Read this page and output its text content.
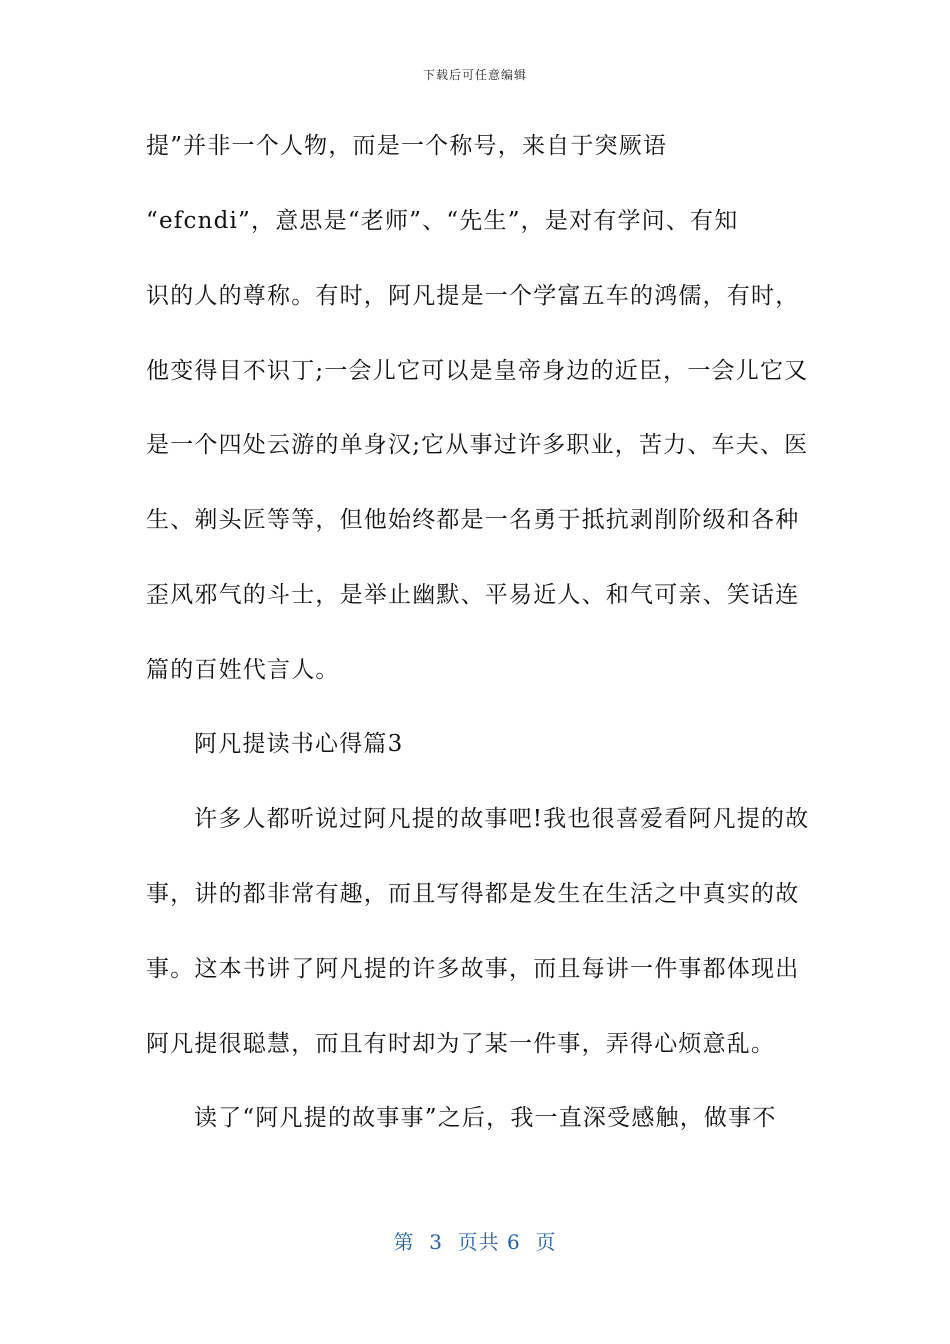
下载后可任意编辑
提”并非一个人物，而是一个称号，来自于突厥语
“efcndi”，意思是“老师”、“先生”，是对有学问、有知
识的人的尊称。有时，阿凡提是一个学富五车的鸿儒，有时，
他变得目不识丁;一会儿它可以是皇帝身边的近臣，一会儿它又
是一个四处云游的单身汉;它从事过许多职业，苦力、车夫、医
生、剃头匠等等，但他始终都是一名勇于抵抗剥削阶级和各种
歪风邪气的斗士，是举止幽默、平易近人、和气可亲、笑话连
篇的百姓代言人。
阿凡提读书心得篇3
许多人都听说过阿凡提的故事吧!我也很喜爱看阿凡提的故
事，讲的都非常有趣，而且写得都是发生在生活之中真实的故
事。这本书讲了阿凡提的许多故事，而且每讲一件事都体现出
阿凡提很聪慧，而且有时却为了某一件事，弄得心烦意乱。
读了“阿凡提的故事事”之后，我一直深受感触，做事不
第  3  页共 6  页
